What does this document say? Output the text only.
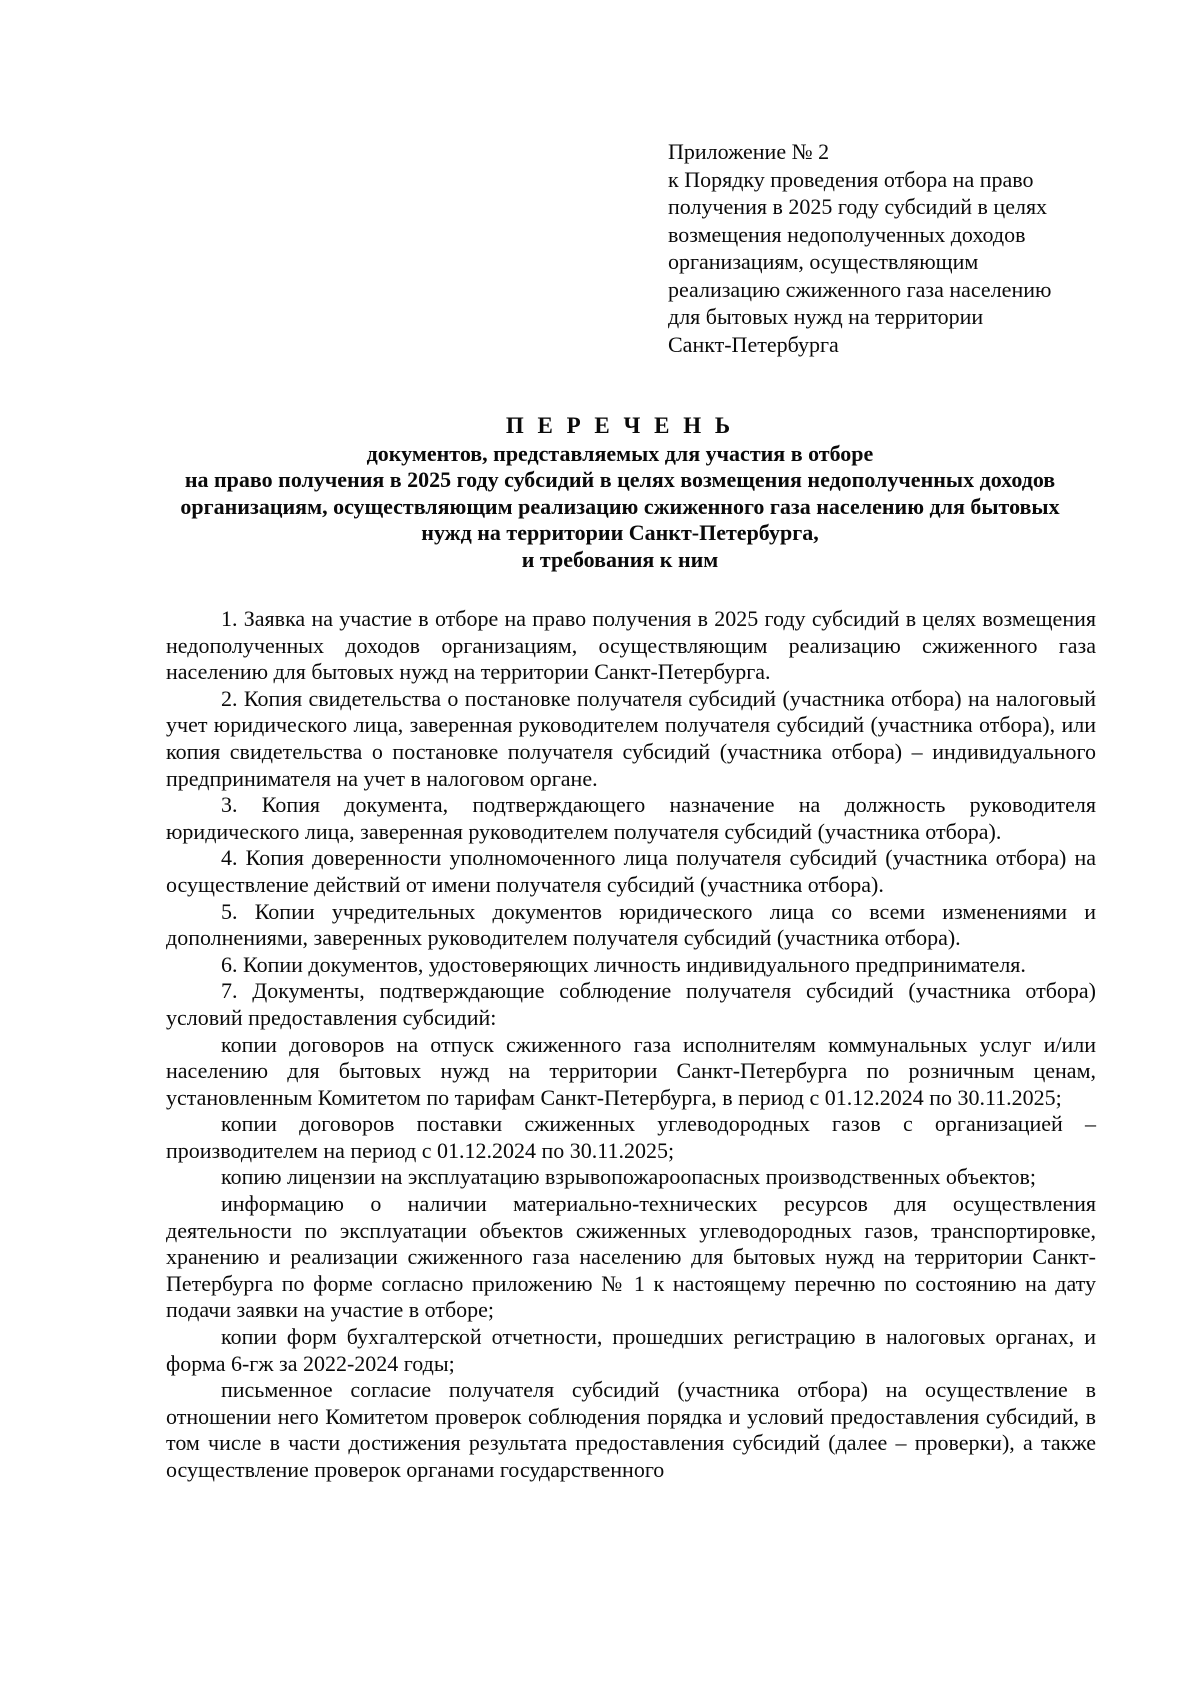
Приложение № 2
к Порядку проведения отбора на право
получения в 2025 году субсидий в целях
возмещения недополученных доходов
организациям, осуществляющим
реализацию сжиженного газа населению
для бытовых нужд на территории
Санкт-Петербурга
П Е Р Е Ч Е Н Ь
документов, представляемых для участия в отборе
на право получения в 2025 году субсидий в целях возмещения недополученных доходов
организациям, осуществляющим реализацию сжиженного газа населению для бытовых
нужд на территории Санкт-Петербурга,
и требования к ним

1. Заявка на участие в отборе на право получения в 2025 году субсидий в целях возмещения недополученных доходов организациям, осуществляющим реализацию сжиженного газа населению для бытовых нужд на территории Санкт-Петербурга.

2. Копия свидетельства о постановке получателя субсидий (участника отбора) на налоговый учет юридического лица, заверенная руководителем получателя субсидий (участника отбора), или копия свидетельства о постановке получателя субсидий (участника отбора) – индивидуального предпринимателя на учет в налоговом органе.

3. Копия документа, подтверждающего назначение на должность руководителя юридического лица, заверенная руководителем получателя субсидий (участника отбора).

4. Копия доверенности уполномоченного лица получателя субсидий (участника отбора) на осуществление действий от имени получателя субсидий (участника отбора).

5. Копии учредительных документов юридического лица со всеми изменениями и дополнениями, заверенных руководителем получателя субсидий (участника отбора).

6. Копии документов, удостоверяющих личность индивидуального предпринимателя.

7. Документы, подтверждающие соблюдение получателя субсидий (участника отбора) условий предоставления субсидий:

копии договоров на отпуск сжиженного газа исполнителям коммунальных услуг и/или населению для бытовых нужд на территории Санкт-Петербурга по розничным ценам, установленным Комитетом по тарифам Санкт-Петербурга, в период с 01.12.2024 по 30.11.2025;

копии договоров поставки сжиженных углеводородных газов с организацией – производителем на период с 01.12.2024 по 30.11.2025;

копию лицензии на эксплуатацию взрывопожароопасных производственных объектов;

информацию о наличии материально-технических ресурсов для осуществления деятельности по эксплуатации объектов сжиженных углеводородных газов, транспортировке, хранению и реализации сжиженного газа населению для бытовых нужд на территории Санкт-Петербурга по форме согласно приложению № 1 к настоящему перечню по состоянию на дату подачи заявки на участие в отборе;

копии форм бухгалтерской отчетности, прошедших регистрацию в налоговых органах, и форма 6-гж за 2022-2024 годы;

письменное согласие получателя субсидий (участника отбора) на осуществление в отношении него Комитетом проверок соблюдения порядка и условий предоставления субсидий, в том числе в части достижения результата предоставления субсидий (далее – проверки), а также осуществление проверок органами государственного
